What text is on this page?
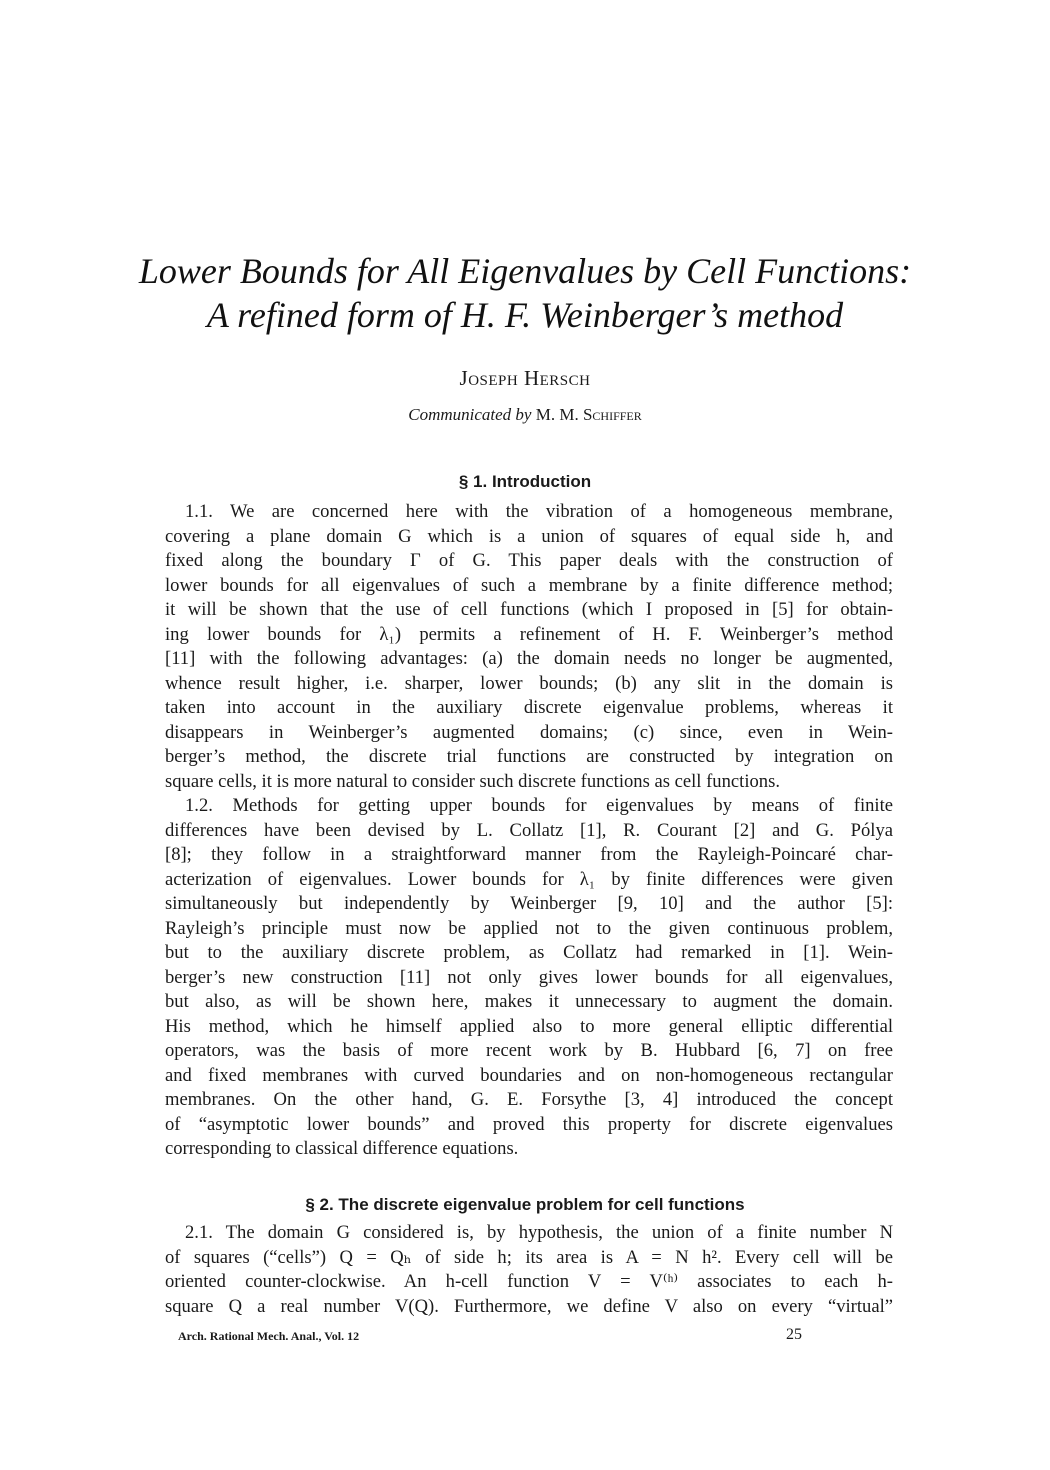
Lower Bounds for All Eigenvalues by Cell Functions:
A refined form of H. F. Weinberger’s method
Joseph Hersch
Communicated by M. M. Schiffer
§ 1. Introduction
1.1. We are concerned here with the vibration of a homogeneous membrane,
covering a plane domain G which is a union of squares of equal side h, and
fixed along the boundary Γ of G. This paper deals with the construction of
lower bounds for all eigenvalues of such a membrane by a finite difference method;
it will be shown that the use of cell functions (which I proposed in [5] for obtain-
ing lower bounds for λ₁) permits a refinement of H. F. Weinberger’s method
[11] with the following advantages: (a) the domain needs no longer be augmented,
whence result higher, i.e. sharper, lower bounds; (b) any slit in the domain is
taken into account in the auxiliary discrete eigenvalue problems, whereas it
disappears in Weinberger’s augmented domains; (c) since, even in Wein-
berger’s method, the discrete trial functions are constructed by integration on
square cells, it is more natural to consider such discrete functions as cell functions.
1.2. Methods for getting upper bounds for eigenvalues by means of finite
differences have been devised by L. Collatz [1], R. Courant [2] and G. Pólya
[8]; they follow in a straightforward manner from the Rayleigh-Poincaré char-
acterization of eigenvalues. Lower bounds for λ₁ by finite differences were given
simultaneously but independently by Weinberger [9, 10] and the author [5]:
Rayleigh’s principle must now be applied not to the given continuous problem,
but to the auxiliary discrete problem, as Collatz had remarked in [1]. Wein-
berger’s new construction [11] not only gives lower bounds for all eigenvalues,
but also, as will be shown here, makes it unnecessary to augment the domain.
His method, which he himself applied also to more general elliptic differential
operators, was the basis of more recent work by B. Hubbard [6, 7] on free
and fixed membranes with curved boundaries and on non-homogeneous rectangular
membranes. On the other hand, G. E. Forsythe [3, 4] introduced the concept
of “asymptotic lower bounds” and proved this property for discrete eigenvalues
corresponding to classical difference equations.
§ 2. The discrete eigenvalue problem for cell functions
2.1. The domain G considered is, by hypothesis, the union of a finite number N
of squares (“cells”) Q = Qₕ of side h; its area is A = N h². Every cell will be
oriented counter-clockwise. An h-cell function V = V⁽ʰ⁾ associates to each h-
square Q a real number V(Q). Furthermore, we define V also on every “virtual”
Arch. Rational Mech. Anal., Vol. 12	25
